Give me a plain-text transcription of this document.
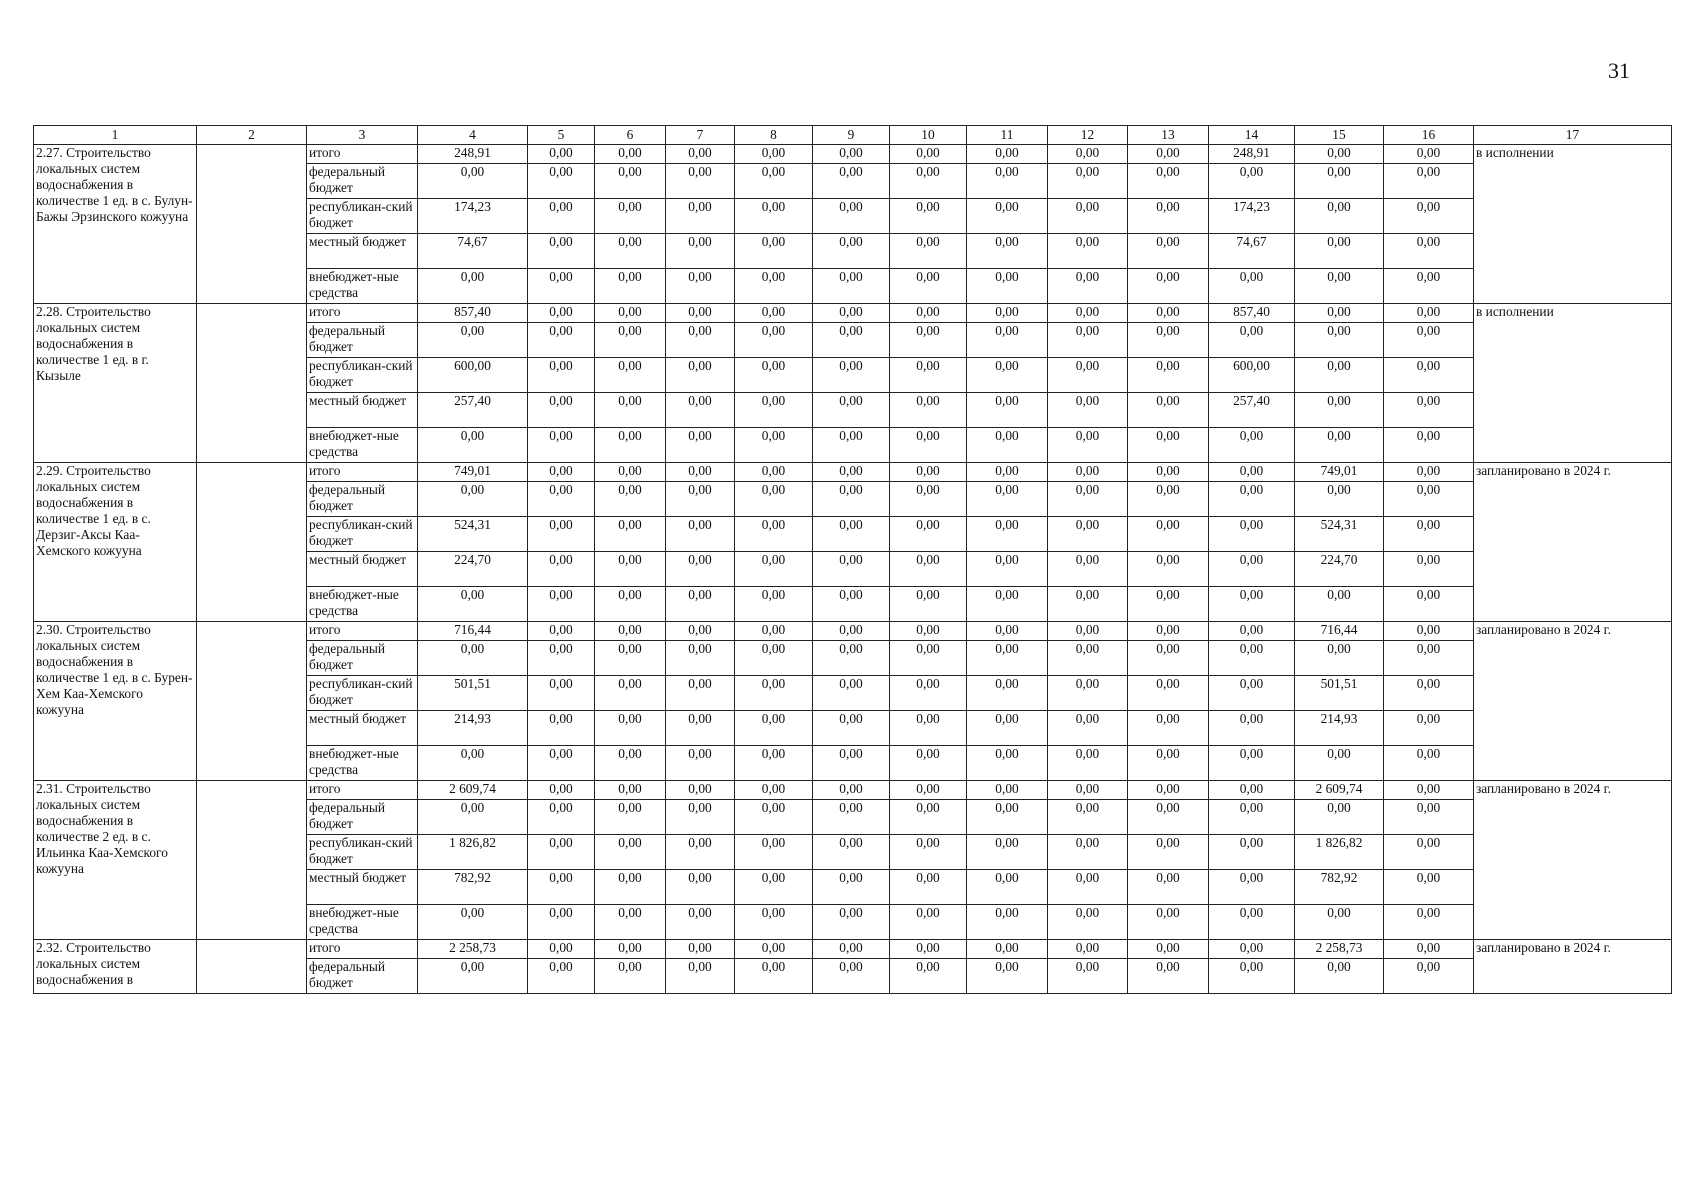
31
1	2	3	4	5	6	7	8	9	10	11	12	13	14	15	16	17
2.27. Строительство локальных систем водоснабжения в количестве 1 ед. в с. Булун-Бажы Эрзинского кожууна		итого	248,91	0,00	0,00	0,00	0,00	0,00	0,00	0,00	0,00	0,00	248,91	0,00	0,00	в исполнении
		федеральный бюджет	0,00	0,00	0,00	0,00	0,00	0,00	0,00	0,00	0,00	0,00	0,00	0,00	0,00	
		республикан-ский бюджет	174,23	0,00	0,00	0,00	0,00	0,00	0,00	0,00	0,00	0,00	174,23	0,00	0,00	
		местный бюджет	74,67	0,00	0,00	0,00	0,00	0,00	0,00	0,00	0,00	0,00	74,67	0,00	0,00	
		внебюджет-ные средства	0,00	0,00	0,00	0,00	0,00	0,00	0,00	0,00	0,00	0,00	0,00	0,00	0,00	
2.28. Строительство локальных систем водоснабжения в количестве 1 ед. в г. Кызыле		итого	857,40	0,00	0,00	0,00	0,00	0,00	0,00	0,00	0,00	0,00	857,40	0,00	0,00	в исполнении
		федеральный бюджет	0,00	0,00	0,00	0,00	0,00	0,00	0,00	0,00	0,00	0,00	0,00	0,00	0,00	
		республикан-ский бюджет	600,00	0,00	0,00	0,00	0,00	0,00	0,00	0,00	0,00	0,00	600,00	0,00	0,00	
		местный бюджет	257,40	0,00	0,00	0,00	0,00	0,00	0,00	0,00	0,00	0,00	257,40	0,00	0,00	
		внебюджет-ные средства	0,00	0,00	0,00	0,00	0,00	0,00	0,00	0,00	0,00	0,00	0,00	0,00	0,00	
2.29. Строительство локальных систем водоснабжения в количестве 1 ед. в с. Дерзиг-Аксы Каа-Хемского кожууна		итого	749,01	0,00	0,00	0,00	0,00	0,00	0,00	0,00	0,00	0,00	0,00	749,01	0,00	запланировано в 2024 г.
		федеральный бюджет	0,00	0,00	0,00	0,00	0,00	0,00	0,00	0,00	0,00	0,00	0,00	0,00	0,00	
		республикан-ский бюджет	524,31	0,00	0,00	0,00	0,00	0,00	0,00	0,00	0,00	0,00	0,00	524,31	0,00	
		местный бюджет	224,70	0,00	0,00	0,00	0,00	0,00	0,00	0,00	0,00	0,00	0,00	224,70	0,00	
		внебюджет-ные средства	0,00	0,00	0,00	0,00	0,00	0,00	0,00	0,00	0,00	0,00	0,00	0,00	0,00	
2.30. Строительство локальных систем водоснабжения в количестве 1 ед. в с. Бурен-Хем Каа-Хемского кожууна		итого	716,44	0,00	0,00	0,00	0,00	0,00	0,00	0,00	0,00	0,00	0,00	716,44	0,00	запланировано в 2024 г.
		федеральный бюджет	0,00	0,00	0,00	0,00	0,00	0,00	0,00	0,00	0,00	0,00	0,00	0,00	0,00	
		республикан-ский бюджет	501,51	0,00	0,00	0,00	0,00	0,00	0,00	0,00	0,00	0,00	0,00	501,51	0,00	
		местный бюджет	214,93	0,00	0,00	0,00	0,00	0,00	0,00	0,00	0,00	0,00	0,00	214,93	0,00	
		внебюджет-ные средства	0,00	0,00	0,00	0,00	0,00	0,00	0,00	0,00	0,00	0,00	0,00	0,00	0,00	
2.31. Строительство локальных систем водоснабжения в количестве 2 ед. в с. Ильинка Каа-Хемского кожууна		итого	2 609,74	0,00	0,00	0,00	0,00	0,00	0,00	0,00	0,00	0,00	0,00	2 609,74	0,00	запланировано в 2024 г.
		федеральный бюджет	0,00	0,00	0,00	0,00	0,00	0,00	0,00	0,00	0,00	0,00	0,00	0,00	0,00	
		республикан-ский бюджет	1 826,82	0,00	0,00	0,00	0,00	0,00	0,00	0,00	0,00	0,00	0,00	1 826,82	0,00	
		местный бюджет	782,92	0,00	0,00	0,00	0,00	0,00	0,00	0,00	0,00	0,00	0,00	782,92	0,00	
		внебюджет-ные средства	0,00	0,00	0,00	0,00	0,00	0,00	0,00	0,00	0,00	0,00	0,00	0,00	0,00	
2.32. Строительство локальных систем водоснабжения в		итого	2 258,73	0,00	0,00	0,00	0,00	0,00	0,00	0,00	0,00	0,00	0,00	2 258,73	0,00	запланировано в 2024 г.
		федеральный бюджет	0,00	0,00	0,00	0,00	0,00	0,00	0,00	0,00	0,00	0,00	0,00	0,00	0,00	
